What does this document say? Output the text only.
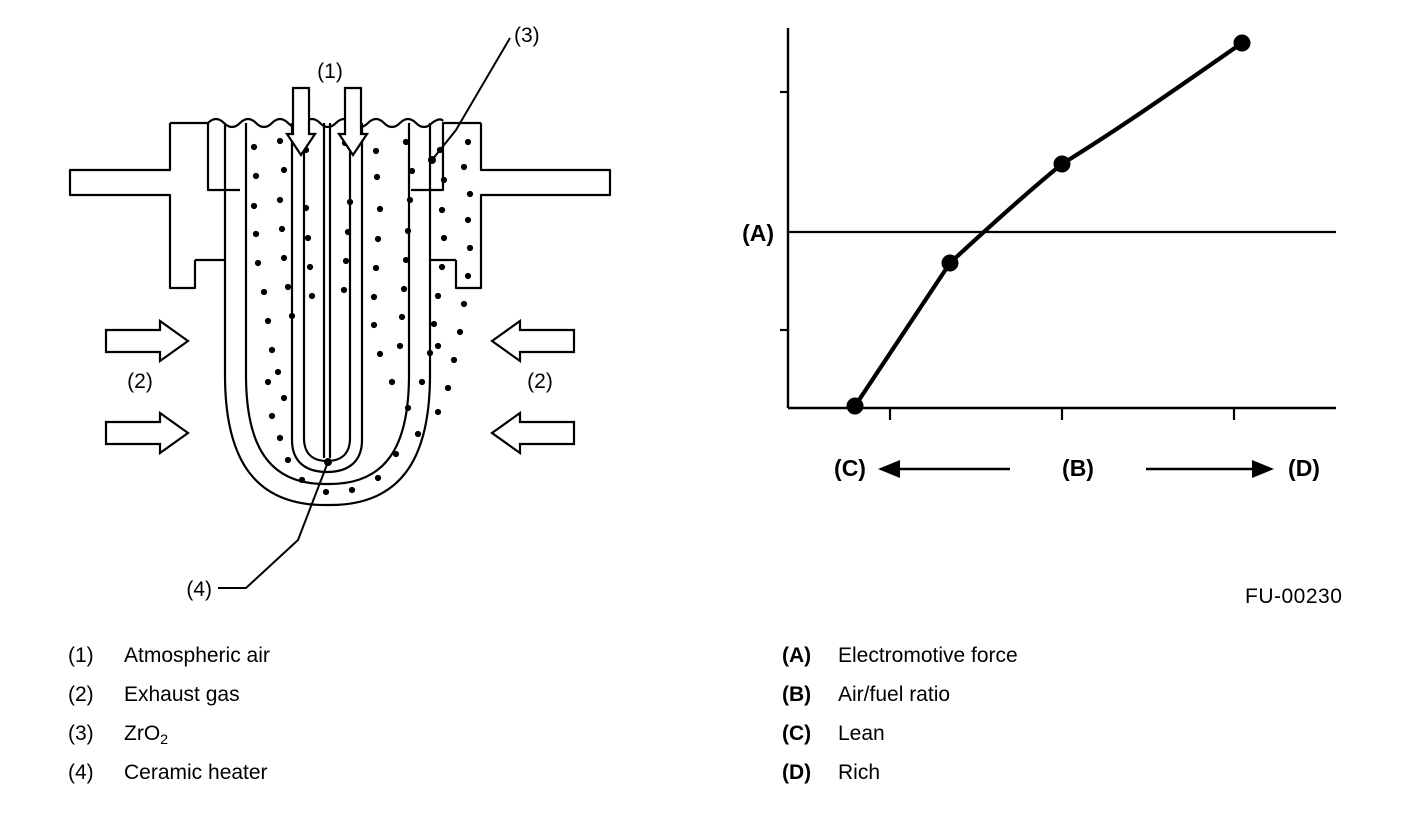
(1)
(3)
(2)	(2)
(4)
(A)
(C)	(B)	(D)
FU-00230
(1)	Atmospheric air
(2)	Exhaust gas
(3)	ZrO$_2$
(4)	Ceramic heater
(A)	Electromotive force
(B)	Air/fuel ratio
(C)	Lean
(D)	Rich
